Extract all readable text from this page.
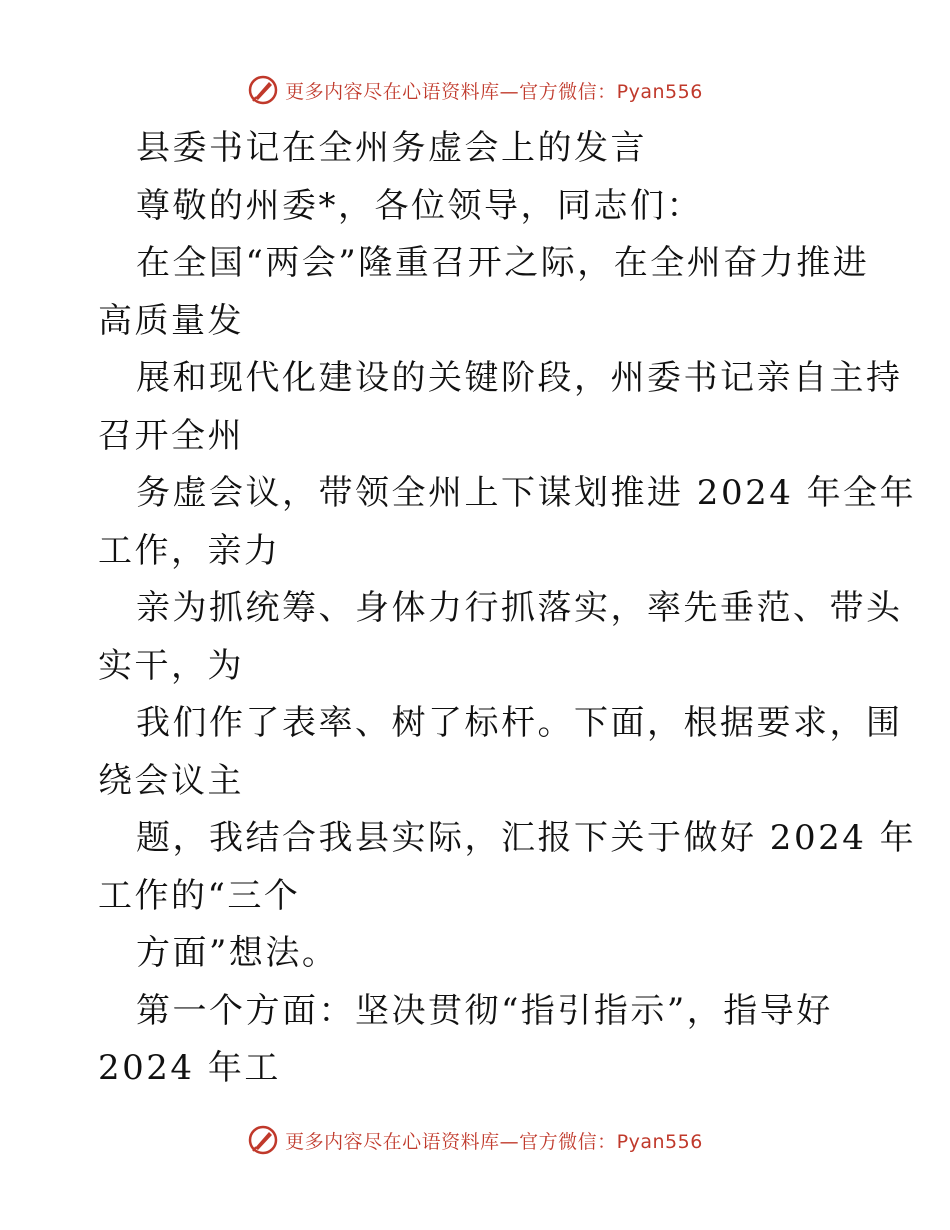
更多内容尽在心语资料库—官方微信：Pyan556
县委书记在全州务虚会上的发言
尊敬的州委*，各位领导，同志们：
在全国“两会”隆重召开之际，在全州奋力推进
高质量发
展和现代化建设的关键阶段，州委书记亲自主持
召开全州
务虚会议，带领全州上下谋划推进 2024 年全年
工作，亲力
亲为抓统筹、身体力行抓落实，率先垂范、带头
实干，为
我们作了表率、树了标杆。下面，根据要求，围
绕会议主
题，我结合我县实际，汇报下关于做好 2024 年
工作的“三个
方面”想法。
第一个方面：坚决贯彻“指引指示”，指导好
2024 年工
更多内容尽在心语资料库—官方微信：Pyan556
